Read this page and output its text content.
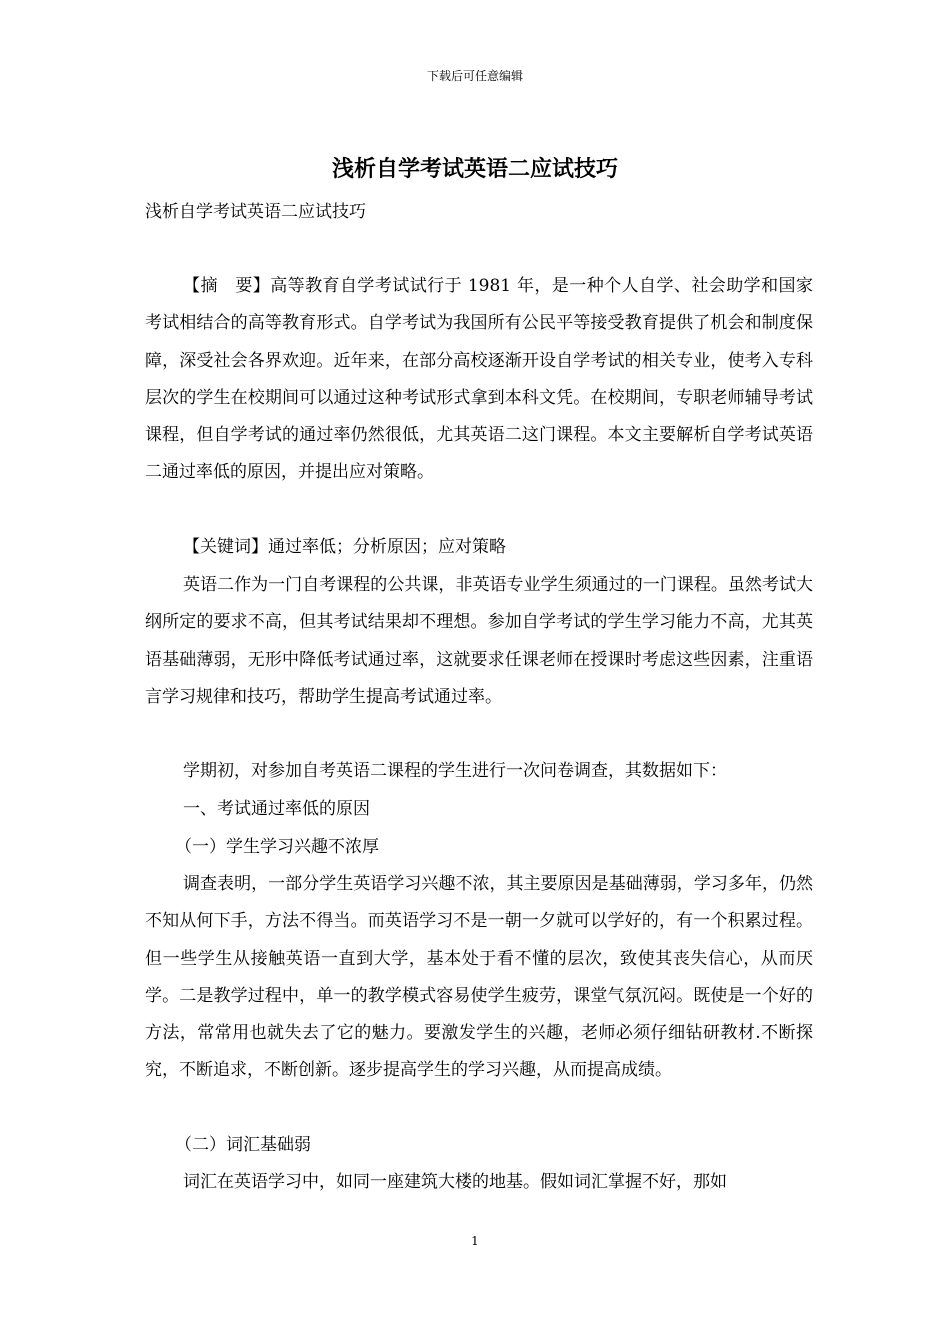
下载后可任意编辑
浅析自学考试英语二应试技巧

浅析自学考试英语二应试技巧

【摘　要】高等教育自学考试试行于 1981 年，是一种个人自学、社会助学和国家考试相结合的高等教育形式。自学考试为我国所有公民平等接受教育提供了机会和制度保障，深受社会各界欢迎。近年来，在部分高校逐渐开设自学考试的相关专业，使考入专科层次的学生在校期间可以通过这种考试形式拿到本科文凭。在校期间，专职老师辅导考试课程，但自学考试的通过率仍然很低，尤其英语二这门课程。本文主要解析自学考试英语二通过率低的原因，并提出应对策略。

【关键词】通过率低；分析原因；应对策略

英语二作为一门自考课程的公共课，非英语专业学生须通过的一门课程。虽然考试大纲所定的要求不高，但其考试结果却不理想。参加自学考试的学生学习能力不高，尤其英语基础薄弱，无形中降低考试通过率，这就要求任课老师在授课时考虑这些因素，注重语言学习规律和技巧，帮助学生提高考试通过率。

学期初，对参加自考英语二课程的学生进行一次问卷调查，其数据如下：

一、考试通过率低的原因

（一）学生学习兴趣不浓厚

调查表明，一部分学生英语学习兴趣不浓，其主要原因是基础薄弱，学习多年，仍然不知从何下手，方法不得当。而英语学习不是一朝一夕就可以学好的，有一个积累过程。但一些学生从接触英语一直到大学，基本处于看不懂的层次，致使其丧失信心，从而厌学。二是教学过程中，单一的教学模式容易使学生疲劳，课堂气氛沉闷。既使是一个好的方法，常常用也就失去了它的魅力。要激发学生的兴趣，老师必须仔细钻研教材.不断探究，不断追求，不断创新。逐步提高学生的学习兴趣，从而提高成绩。

（二）词汇基础弱

词汇在英语学习中，如同一座建筑大楼的地基。假如词汇掌握不好，那如

1
